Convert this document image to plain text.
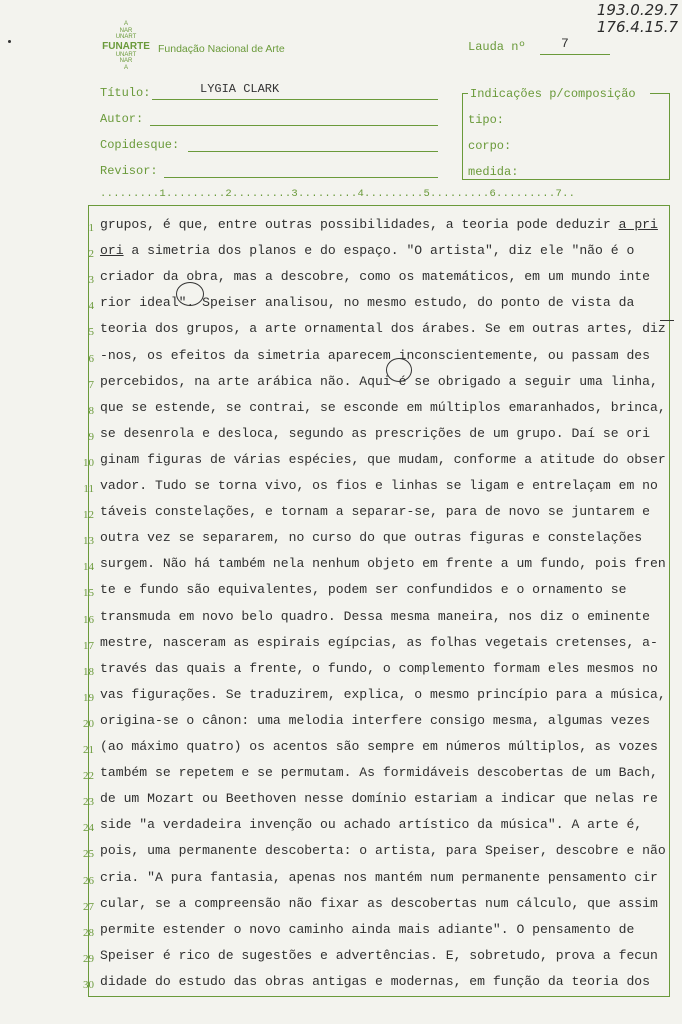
193.0.29.7
176.4.15.7
A
NAR
UNART
FUNARTE
UNART
NAR
A
Fundação Nacional de Arte	Lauda nº	7
Título:	LYGIA CLARK
Autor:
Copidesque:
Revisor:
Indicações p/composição
tipo:
corpo:
medida:
.........1.........2.........3.........4.........5.........6.........7..
1 grupos, é que, entre outras possibilidades, a teoria pode deduzir a pri
2 ori a simetria dos planos e do espaço. "O artista", diz ele "não é o
3 criador da obra, mas a descobre, como os matemáticos, em um mundo inte
4 rior ideal". Speiser analisou, no mesmo estudo, do ponto de vista da
5 teoria dos grupos, a arte ornamental dos árabes. Se em outras artes, diz
6 -nos, os efeitos da simetria aparecem inconscientemente, ou passam des
7 percebidos, na arte arábica não. Aqui é se obrigado a seguir uma linha,
8 que se estende, se contrai, se esconde em múltiplos emaranhados, brinca,
9 se desenrola e desloca, segundo as prescrições de um grupo. Daí se ori
10 ginam figuras de várias espécies, que mudam, conforme a atitude do obser
11 vador. Tudo se torna vivo, os fios e linhas se ligam e entrelaçam em no
12 táveis constelações, e tornam a separar-se, para de novo se juntarem e
13 outra vez se separarem, no curso do que outras figuras e constelações
14 surgem. Não há também nela nenhum objeto em frente a um fundo, pois fren
15 te e fundo são equivalentes, podem ser confundidos e o ornamento se
16 transmuda em novo belo quadro. Dessa mesma maneira, nos diz o eminente
17 mestre, nasceram as espirais egípcias, as folhas vegetais cretenses, a-
18 través das quais a frente, o fundo, o complemento formam eles mesmos no
19 vas figurações. Se traduzirem, explica, o mesmo princípio para a música,
20 origina-se o cânon: uma melodia interfere consigo mesma, algumas vezes
21 (ao máximo quatro) os acentos são sempre em números múltiplos, as vozes
22 também se repetem e se permutam. As formidáveis descobertas de um Bach,
23 de um Mozart ou Beethoven nesse domínio estariam a indicar que nelas re
24 side "a verdadeira invenção ou achado artístico da música". A arte é,
25 pois, uma permanente descoberta: o artista, para Speiser, descobre e não
26 cria. "A pura fantasia, apenas nos mantém num permanente pensamento cir
27 cular, se a compreensão não fixar as descobertas num cálculo, que assim
28 permite estender o novo caminho ainda mais adiante". O pensamento de
29 Speiser é rico de sugestões e advertências. E, sobretudo, prova a fecun
30 didade do estudo das obras antigas e modernas, em função da teoria dos
